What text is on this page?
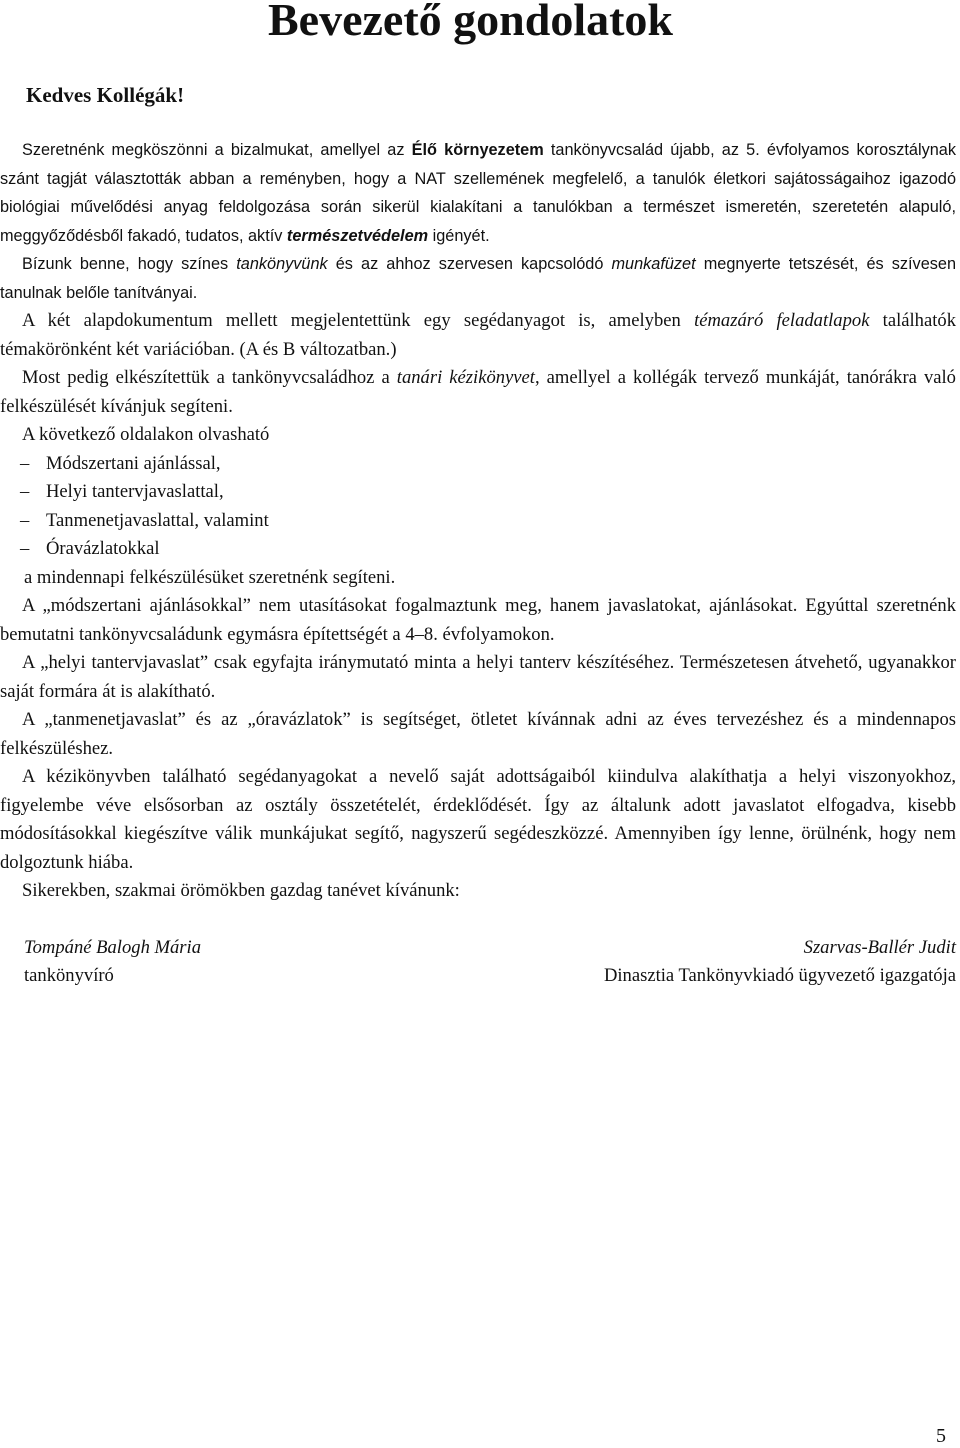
Bevezető gondolatok
Kedves Kollégák!

Szeretnénk megköszönni a bizalmukat, amellyel az Élő környezetem tankönyvcsalád újabb, az 5. évfolyamos korosztálynak szánt tagját választották abban a reményben, hogy a NAT szellemének megfelelő, a tanulók életkori sajátosságaihoz igazodó biológiai művelődési anyag feldolgozása során sikerül kialakítani a tanulókban a természet ismeretén, szeretetén alapuló, meggyőződésből fakadó, tudatos, aktív természetvédelem igényét.

Bízunk benne, hogy színes tankönyvünk és az ahhoz szervesen kapcsolódó munkafüzet megnyerte tetszését, és szívesen tanulnak belőle tanítványai.

A két alapdokumentum mellett megjelentettünk egy segédanyagot is, amelyben témazáró feladatlapok találhatók témakörönként két variációban. (A és B változatban.)

Most pedig elkészítettük a tankönyvcsaládhoz a tanári kézikönyvet, amellyel a kollégák tervező munkáját, tanórákra való felkészülését kívánjuk segíteni.

A következő oldalakon olvasható

– Módszertani ajánlással,
– Helyi tantervjavaslattal,
– Tanmenetjavaslattal, valamint
– Óravázlatokkal

a mindennapi felkészülésüket szeretnénk segíteni.

A „módszertani ajánlásokkal” nem utasításokat fogalmaztunk meg, hanem javaslatokat, ajánlásokat. Egyúttal szeretnénk bemutatni tankönyvcsaládunk egymásra építettségét a 4–8. évfolyamokon.

A „helyi tantervjavaslat” csak egyfajta iránymutató minta a helyi tanterv készítéséhez. Természetesen átvehető, ugyanakkor saját formára át is alakítható.

A „tanmenetjavaslat” és az „óravázlatok” is segítséget, ötletet kívánnak adni az éves tervezéshez és a mindennapos felkészüléshez.

A kézikönyvben található segédanyagokat a nevelő saját adottságaiból kiindulva alakíthatja a helyi viszonyokhoz, figyelembe véve elsősorban az osztály összetételét, érdeklődését. Így az általunk adott javaslatot elfogadva, kisebb módosításokkal kiegészítve válik munkájukat segítő, nagyszerű segédeszközzé. Amennyiben így lenne, örülnénk, hogy nem dolgoztunk hiába.

Sikerekben, szakmai örömökben gazdag tanévet kívánunk:

Tompáné Balogh Mária	Szarvas-Ballér Judit
tankönyvíró	Dinasztia Tankönyvkiadó ügyvezető igazgatója
5
